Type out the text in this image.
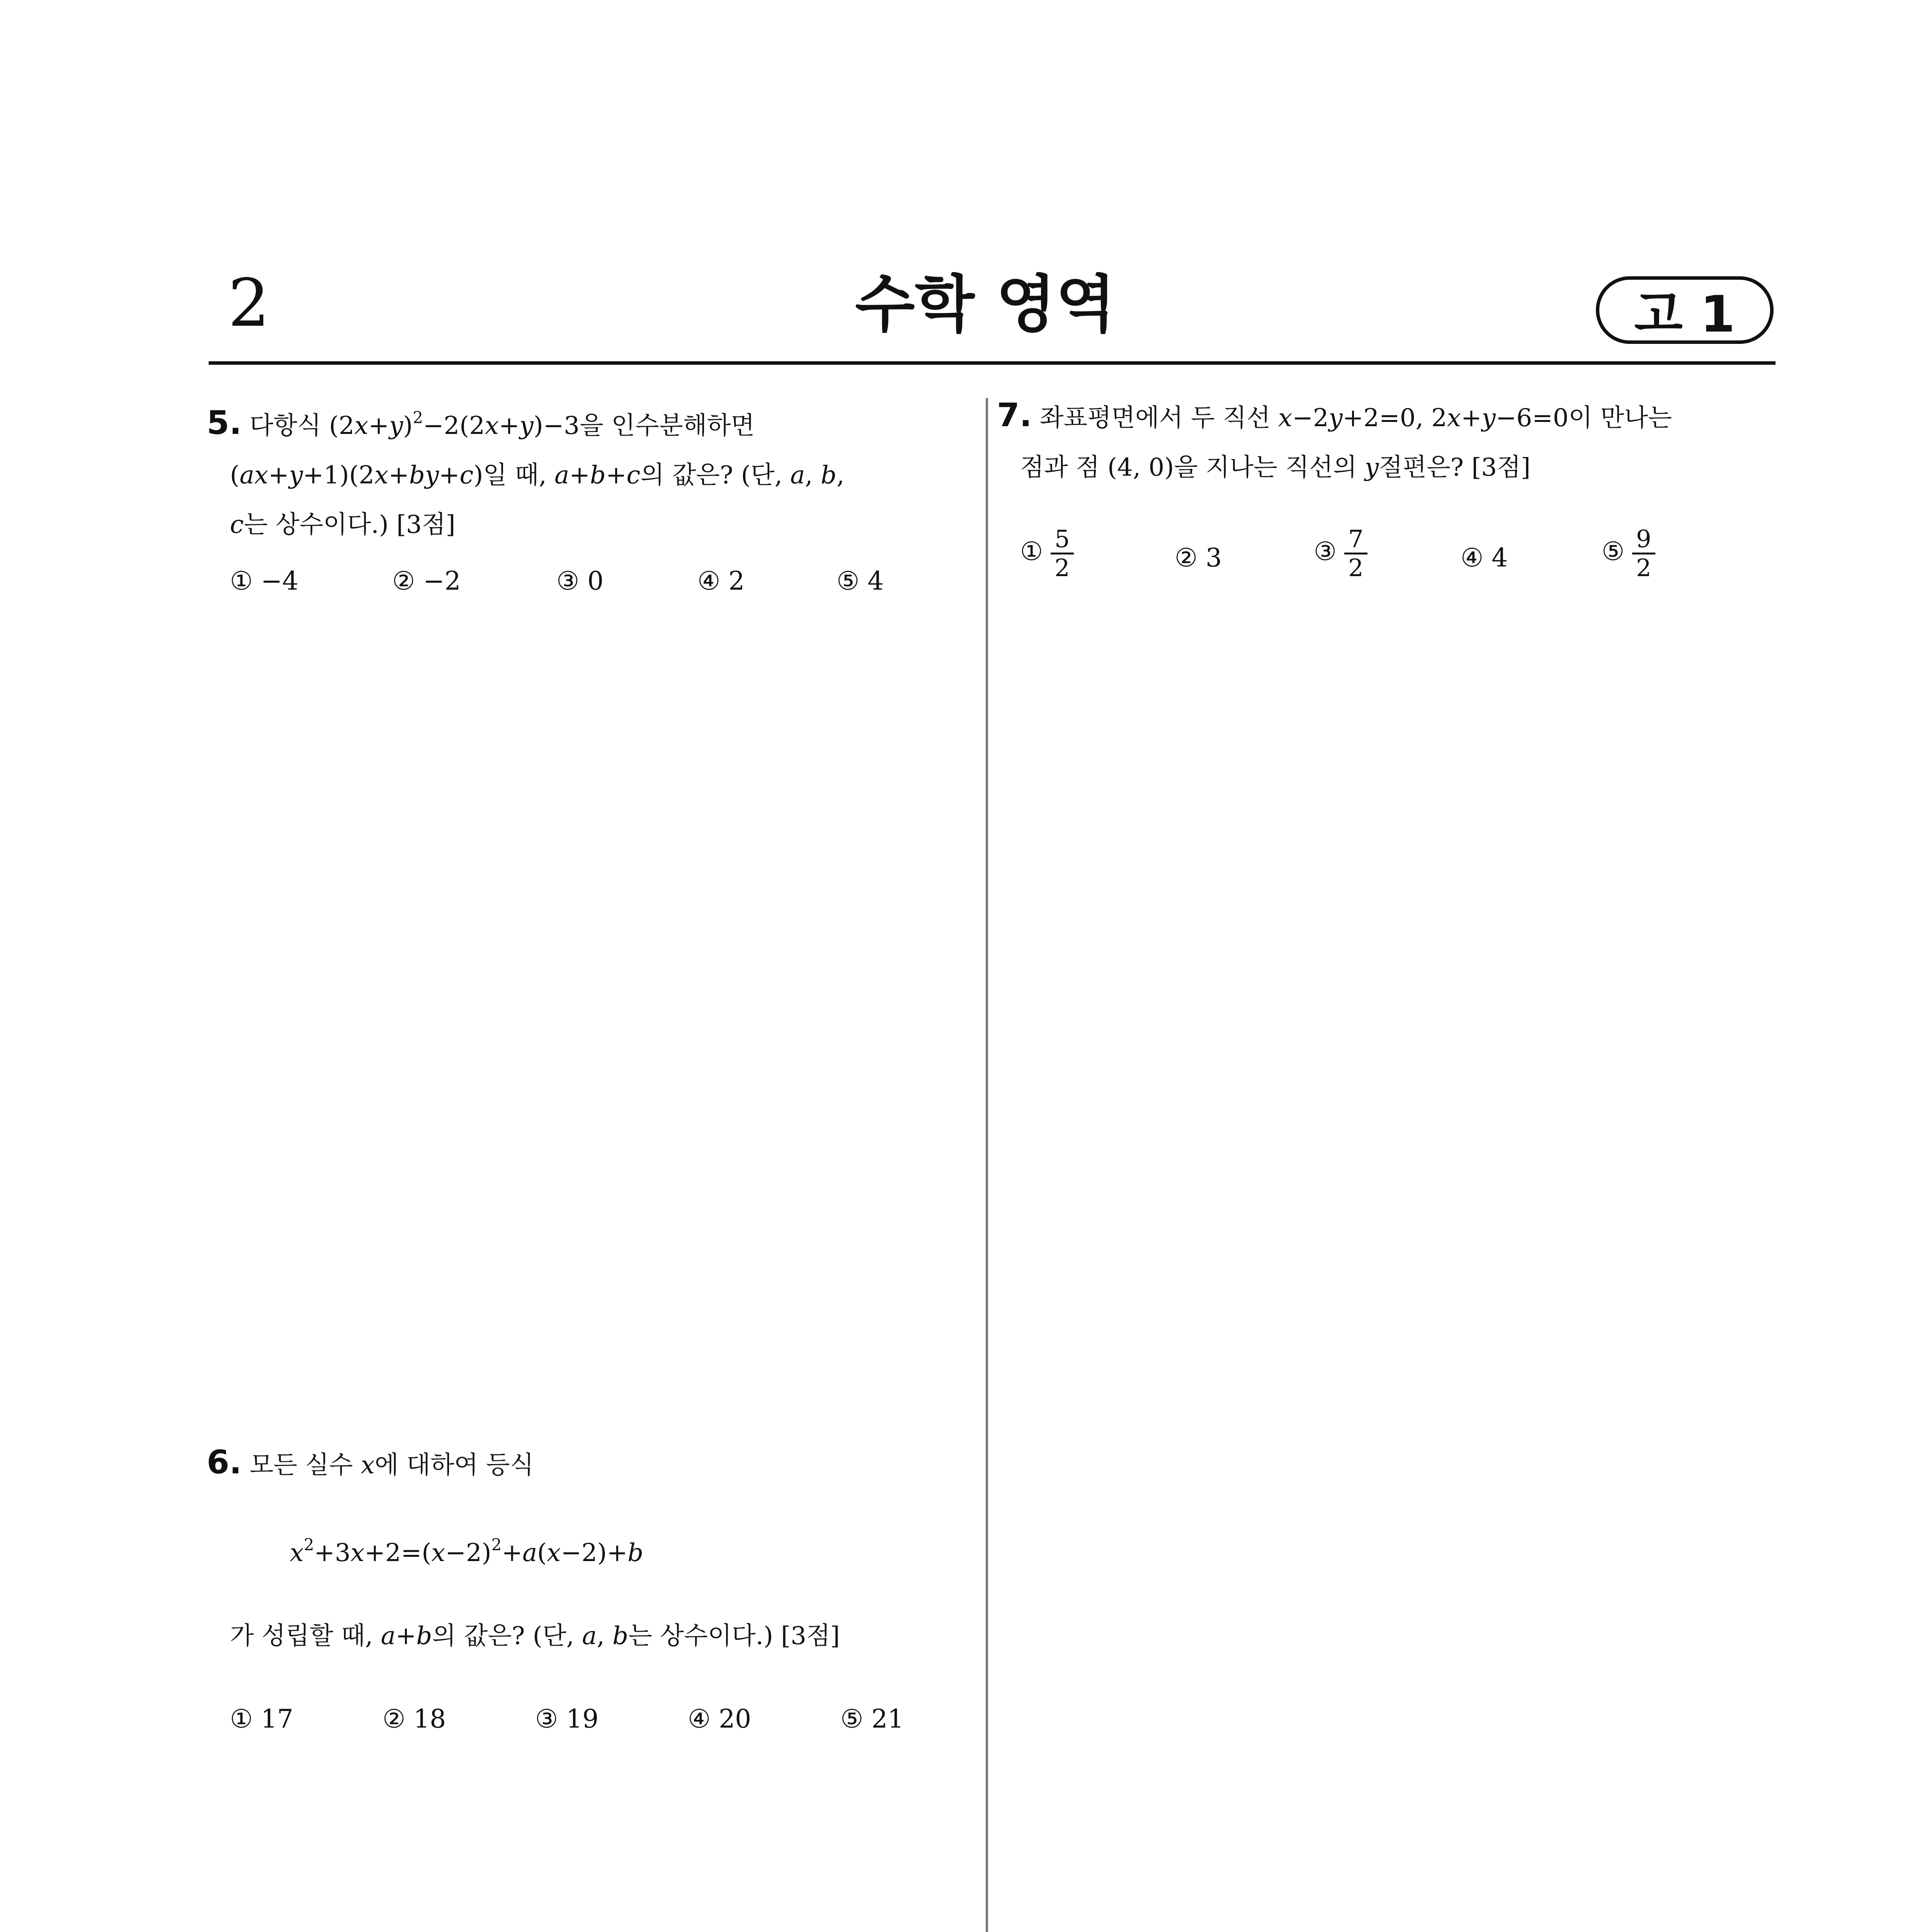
2	수학 영역	고 1
5. 다항식 $(2x+y)^2-2(2x+y)-3$을 인수분해하면
(ax+y+1)(2x+by+c)일 때, a+b+c의 값은? (단, a, b,
c는 상수이다.) [3점]
① −4	② −2	③ 0	④ 2	⑤ 4
6. 모든 실수 x에 대하여 등식
$x^2+3x+2=(x-2)^2+a(x-2)+b$
가 성립할 때, a+b의 값은? (단, a, b는 상수이다.) [3점]
① 17	② 18	③ 19	④ 20	⑤ 21
7. 좌표평면에서 두 직선 x−2y+2=0, 2x+y−6=0이 만나는
점과 점 (4, 0)을 지나는 직선의 y절편은? [3점]
① $\frac{5}{2}$	② 3	③ $\frac{7}{2}$	④ 4	⑤ $\frac{9}{2}$
